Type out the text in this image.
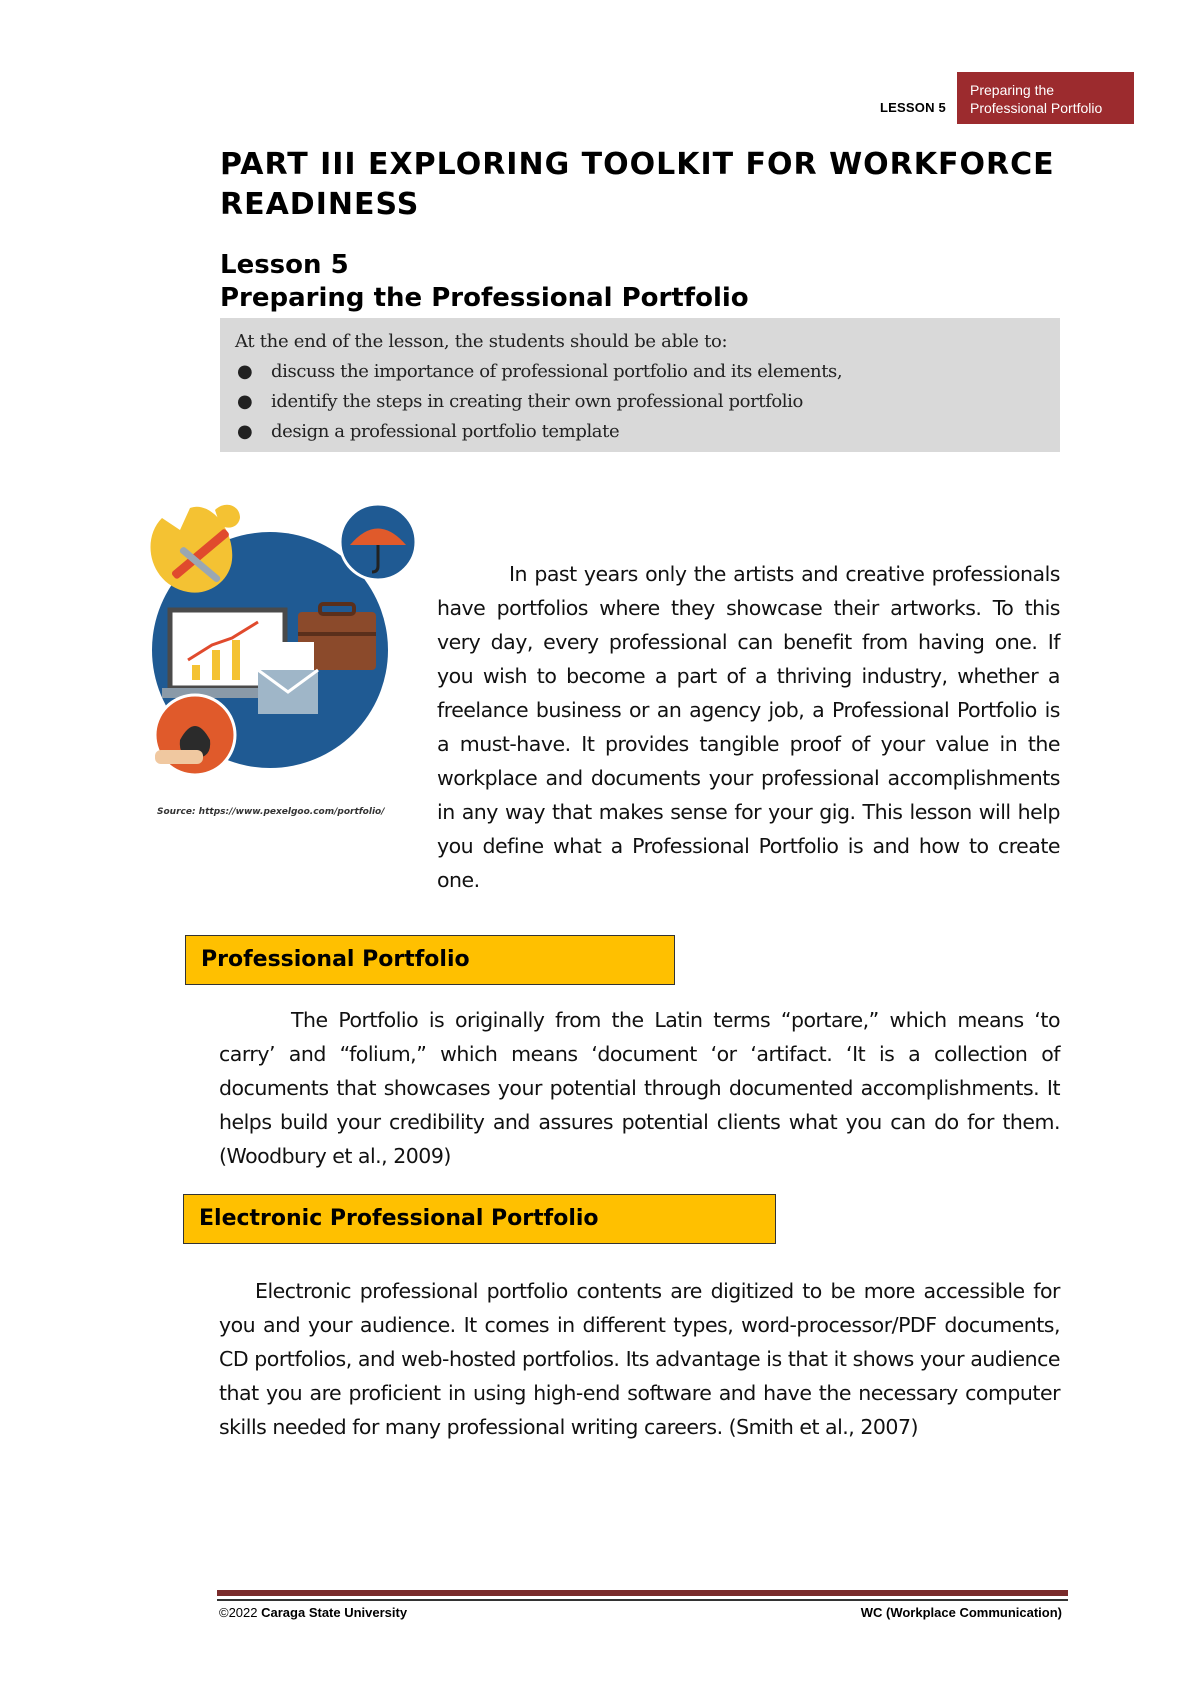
LESSON 5
Preparing the
Professional Portfolio
PART III EXPLORING TOOLKIT FOR WORKFORCE READINESS
Lesson 5
Preparing the Professional Portfolio
At the end of the lesson, the students should be able to:
● discuss the importance of professional portfolio and its elements,
● identify the steps in creating their own professional portfolio
● design a professional portfolio template
Source: https://www.pexelgoo.com/portfolio/
In past years only the artists and creative professionals have portfolios where they showcase their artworks. To this very day, every professional can benefit from having one. If you wish to become a part of a thriving industry, whether a freelance business or an agency job, a Professional Portfolio is a must-have. It provides tangible proof of your value in the workplace and documents your professional accomplishments in any way that makes sense for your gig. This lesson will help you define what a Professional Portfolio is and how to create one.
Professional Portfolio
The Portfolio is originally from the Latin terms “portare,” which means ‘to carry’ and “folium,” which means ‘document ‘or ‘artifact. ‘It is a collection of documents that showcases your potential through documented accomplishments. It helps build your credibility and assures potential clients what you can do for them. (Woodbury et al., 2009)
Electronic Professional Portfolio
Electronic professional portfolio contents are digitized to be more accessible for you and your audience. It comes in different types, word-processor/PDF documents, CD portfolios, and web-hosted portfolios. Its advantage is that it shows your audience that you are proficient in using high-end software and have the necessary computer skills needed for many professional writing careers. (Smith et al., 2007)
©2022 Caraga State University	WC (Workplace Communication)
